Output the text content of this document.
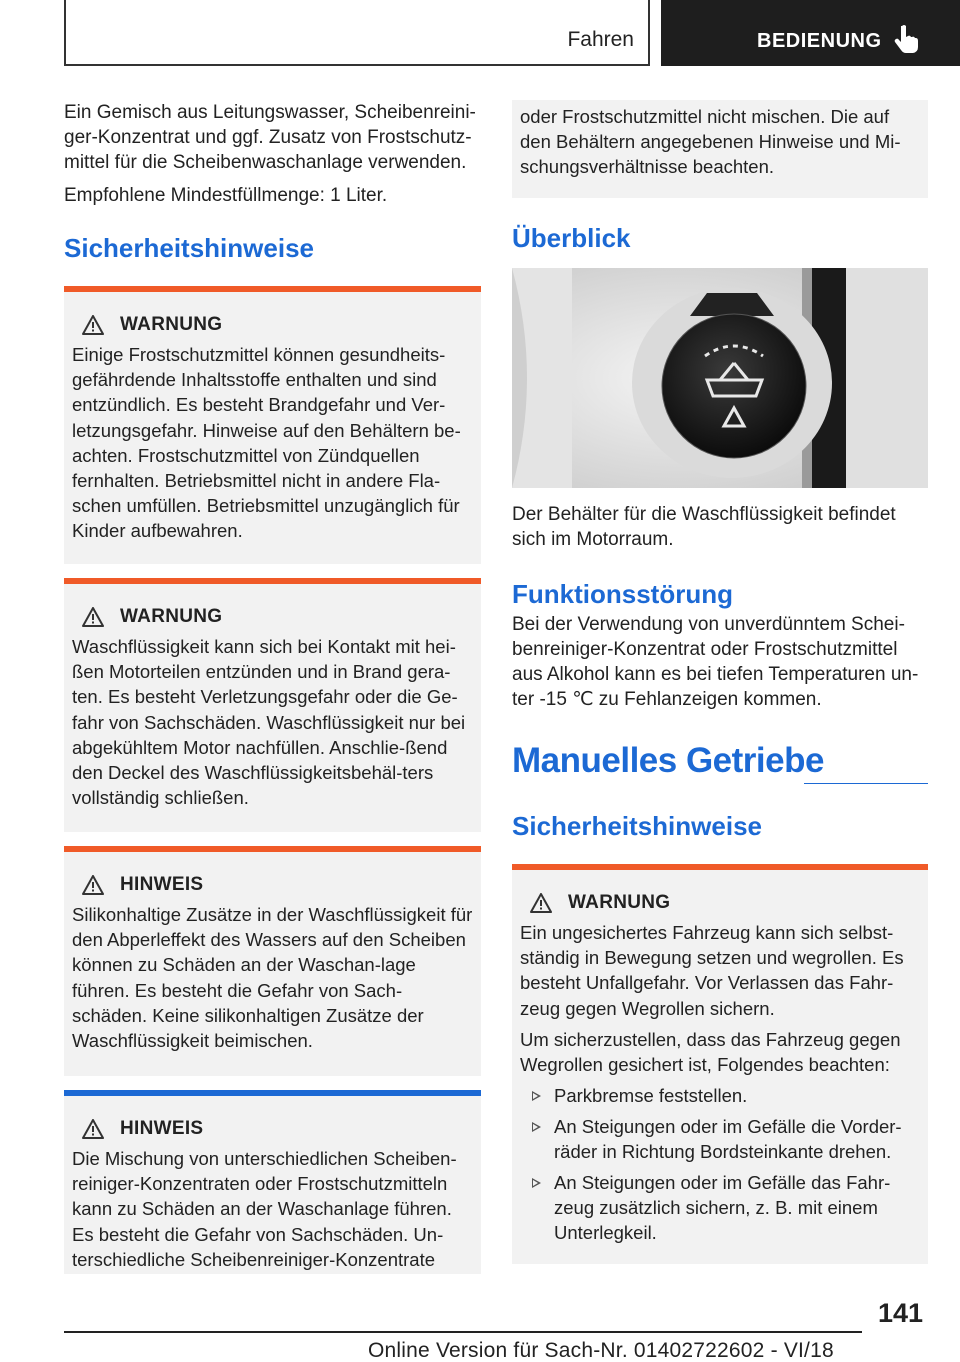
Fahren	BEDIENUNG

Ein Gemisch aus Leitungswasser, Scheibenreini-ger-Konzentrat und ggf. Zusatz von Frostschutz-mittel für die Scheibenwaschanlage verwenden.

Empfohlene Mindestfüllmenge: 1 Liter.

Sicherheitshinweise
WARNUNG

Einige Frostschutzmittel können gesundheits-gefährdende Inhaltsstoffe enthalten und sind entzündlich. Es besteht Brandgefahr und Ver-letzungsgefahr. Hinweise auf den Behältern be-achten. Frostschutzmittel von Zündquellen fernhalten. Betriebsmittel nicht in andere Fla-schen umfüllen. Betriebsmittel unzugänglich für Kinder aufbewahren.

WARNUNG

Waschflüssigkeit kann sich bei Kontakt mit hei-ßen Motorteilen entzünden und in Brand gera-ten. Es besteht Verletzungsgefahr oder die Ge-fahr von Sachschäden. Waschflüssigkeit nur bei abgekühltem Motor nachfüllen. Anschlie-ßend den Deckel des Waschflüssigkeitsbehäl-ters vollständig schließen.

HINWEIS

Silikonhaltige Zusätze in der Waschflüssigkeit für den Abperleffekt des Wassers auf den Scheiben können zu Schäden an der Waschan-lage führen. Es besteht die Gefahr von Sach-schäden. Keine silikonhaltigen Zusätze der Waschflüssigkeit beimischen.

HINWEIS

Die Mischung von unterschiedlichen Scheiben-reiniger-Konzentraten oder Frostschutzmitteln kann zu Schäden an der Waschanlage führen. Es besteht die Gefahr von Sachschäden. Un-terschiedliche Scheibenreiniger-Konzentrate

oder Frostschutzmittel nicht mischen. Die auf den Behältern angegebenen Hinweise und Mi-schungsverhältnisse beachten.

Überblick

Der Behälter für die Waschflüssigkeit befindet sich im Motorraum.

Funktionsstörung

Bei der Verwendung von unverdünntem Schei-benreiniger-Konzentrat oder Frostschutzmittel aus Alkohol kann es bei tiefen Temperaturen un-ter -15 ℃ zu Fehlanzeigen kommen.

Manuelles Getriebe
Sicherheitshinweise
WARNUNG

Ein ungesichertes Fahrzeug kann sich selbst-ständig in Bewegung setzen und wegrollen. Es besteht Unfallgefahr. Vor Verlassen das Fahr-zeug gegen Wegrollen sichern.

Um sicherzustellen, dass das Fahrzeug gegen Wegrollen gesichert ist, Folgendes beachten:

Parkbremse feststellen.
An Steigungen oder im Gefälle die Vorder-räder in Richtung Bordsteinkante drehen.
An Steigungen oder im Gefälle das Fahr-zeug zusätzlich sichern, z. B. mit einem Unterlegkeil.
141
Online Version für Sach-Nr. 01402722602 - VI/18
